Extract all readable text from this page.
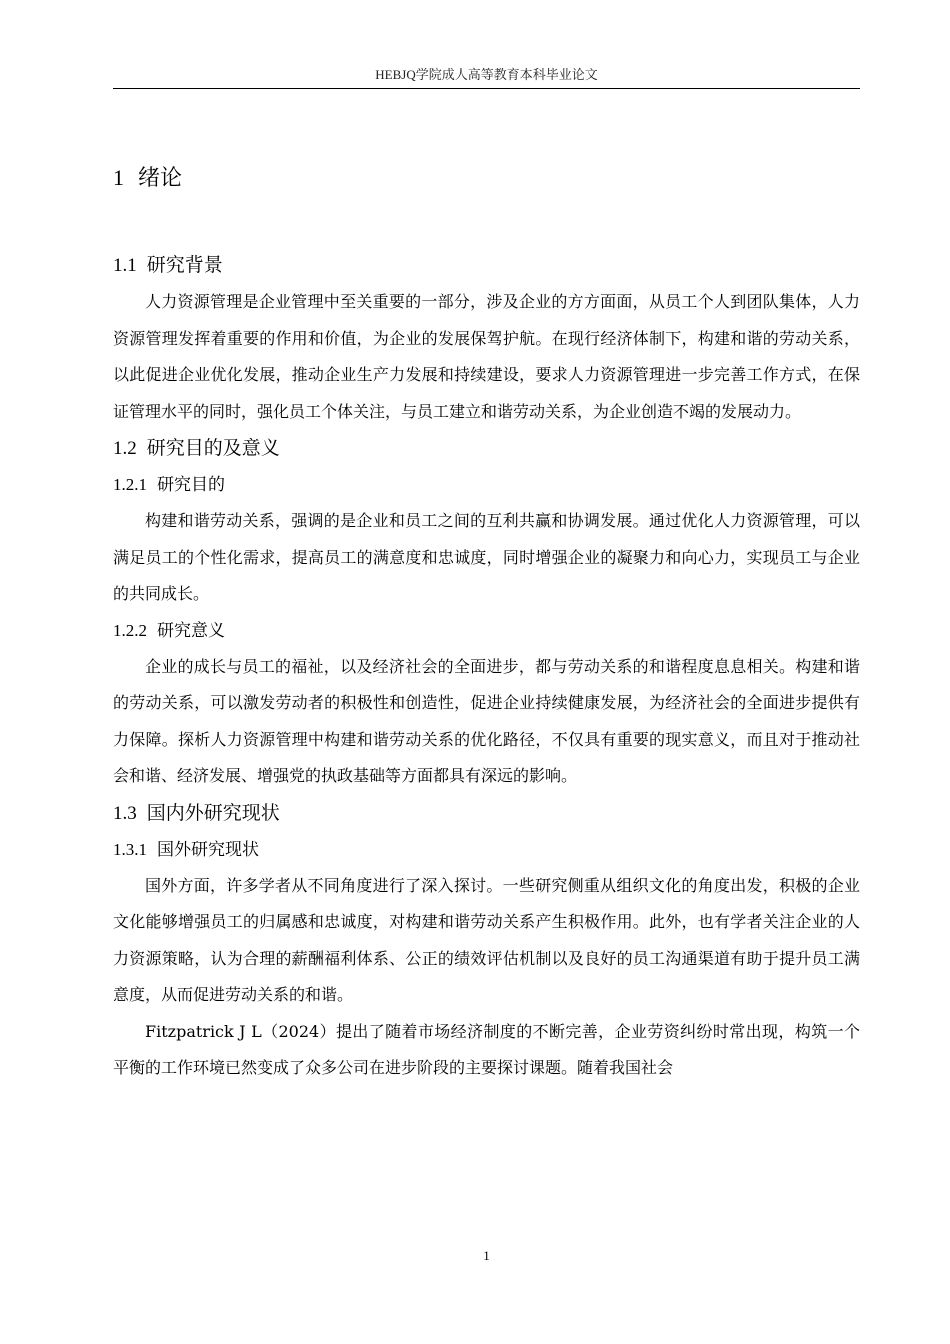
HEBJQ学院成人高等教育本科毕业论文
1 绪论
1.1 研究背景

人力资源管理是企业管理中至关重要的一部分，涉及企业的方方面面，从员工个人到团队集体，人力资源管理发挥着重要的作用和价值，为企业的发展保驾护航。在现行经济体制下，构建和谐的劳动关系，以此促进企业优化发展，推动企业生产力发展和持续建设，要求人力资源管理进一步完善工作方式，在保证管理水平的同时，强化员工个体关注，与员工建立和谐劳动关系，为企业创造不竭的发展动力。

1.2 研究目的及意义
1.2.1 研究目的

构建和谐劳动关系，强调的是企业和员工之间的互利共赢和协调发展。通过优化人力资源管理，可以满足员工的个性化需求，提高员工的满意度和忠诚度，同时增强企业的凝聚力和向心力，实现员工与企业的共同成长。

1.2.2 研究意义

企业的成长与员工的福祉，以及经济社会的全面进步，都与劳动关系的和谐程度息息相关。构建和谐的劳动关系，可以激发劳动者的积极性和创造性，促进企业持续健康发展，为经济社会的全面进步提供有力保障。探析人力资源管理中构建和谐劳动关系的优化路径，不仅具有重要的现实意义，而且对于推动社会和谐、经济发展、增强党的执政基础等方面都具有深远的影响。

1.3 国内外研究现状
1.3.1 国外研究现状

国外方面，许多学者从不同角度进行了深入探讨。一些研究侧重从组织文化的角度出发，积极的企业文化能够增强员工的归属感和忠诚度，对构建和谐劳动关系产生积极作用。此外，也有学者关注企业的人力资源策略，认为合理的薪酬福利体系、公正的绩效评估机制以及良好的员工沟通渠道有助于提升员工满意度，从而促进劳动关系的和谐。

Fitzpatrick J L（2024）提出了随着市场经济制度的不断完善，企业劳资纠纷时常出现，构筑一个平衡的工作环境已然变成了众多公司在进步阶段的主要探讨课题。随着我国社会

1
